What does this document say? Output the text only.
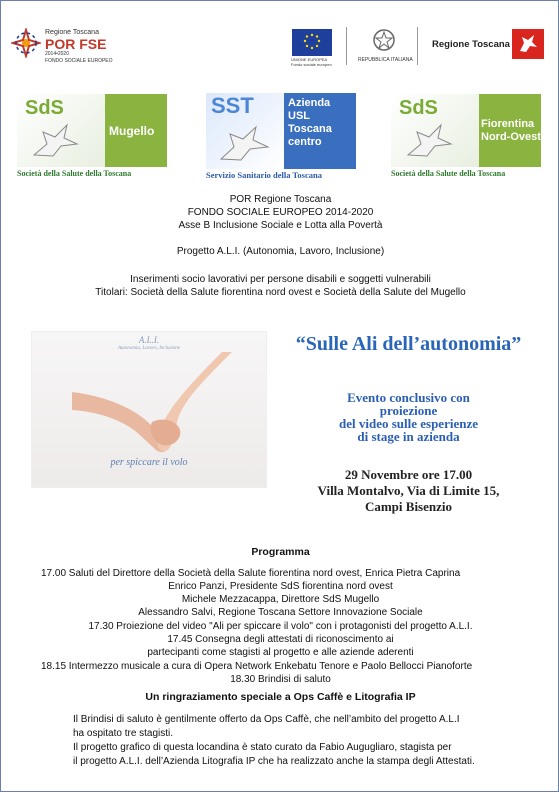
Regione Toscana
POR FSE
2014•2020
FONDO SOCIALE EUROPEO	UNIONE EUROPEA
Fondo sociale europeo
REPUBBLICA ITALIANA
Regione Toscana
SdS
Mugello
Società della Salute della Toscana
SST	Azienda
USL
Toscana
centro
Servizio Sanitario della Toscana
SdS
Fiorentina
Nord-Ovest
Società della Salute della Toscana
POR Regione Toscana
FONDO SOCIALE EUROPEO 2014-2020
Asse B Inclusione Sociale e Lotta alla Povertà
Progetto A.L.I. (Autonomia, Lavoro, Inclusione)
Inserimenti socio lavorativi per persone disabili e soggetti vulnerabili
Titolari: Società della Salute fiorentina nord ovest e Società della Salute del Mugello
A.L.I.
Autonomia, Lavoro, Inclusione
per spiccare il volo
“Sulle Ali dell’autonomia”
Evento conclusivo con
proiezione
del video sulle esperienze
di stage in azienda
29 Novembre ore 17.00
Villa Montalvo, Via di Limite 15,
Campi Bisenzio
Programma
17.00 Saluti del Direttore della Società della Salute fiorentina nord ovest, Enrica Pietra Caprina
Enrico Panzi, Presidente SdS fiorentina nord ovest
Michele Mezzacappa, Direttore SdS Mugello
Alessandro Salvi, Regione Toscana Settore Innovazione Sociale
17.30 Proiezione del video "Ali per spiccare il volo" con i protagonisti del progetto A.L.I.
17.45 Consegna degli attestati di riconoscimento ai
partecipanti come stagisti al progetto e alle aziende aderenti
18.15 Intermezzo musicale a cura di Opera Network Enkebatu Tenore e Paolo Bellocci Pianoforte
18.30 Brindisi di saluto
Un ringraziamento speciale a Ops Caffè e Litografia IP
Il Brindisi di saluto è gentilmente offerto da Ops Caffè, che nell’ambito del progetto A.L.I
ha ospitato tre stagisti.
Il progetto grafico di questa locandina è stato curato da Fabio Augugliaro, stagista per
il progetto A.L.I. dell’Azienda Litografia IP che ha realizzato anche la stampa degli Attestati.
